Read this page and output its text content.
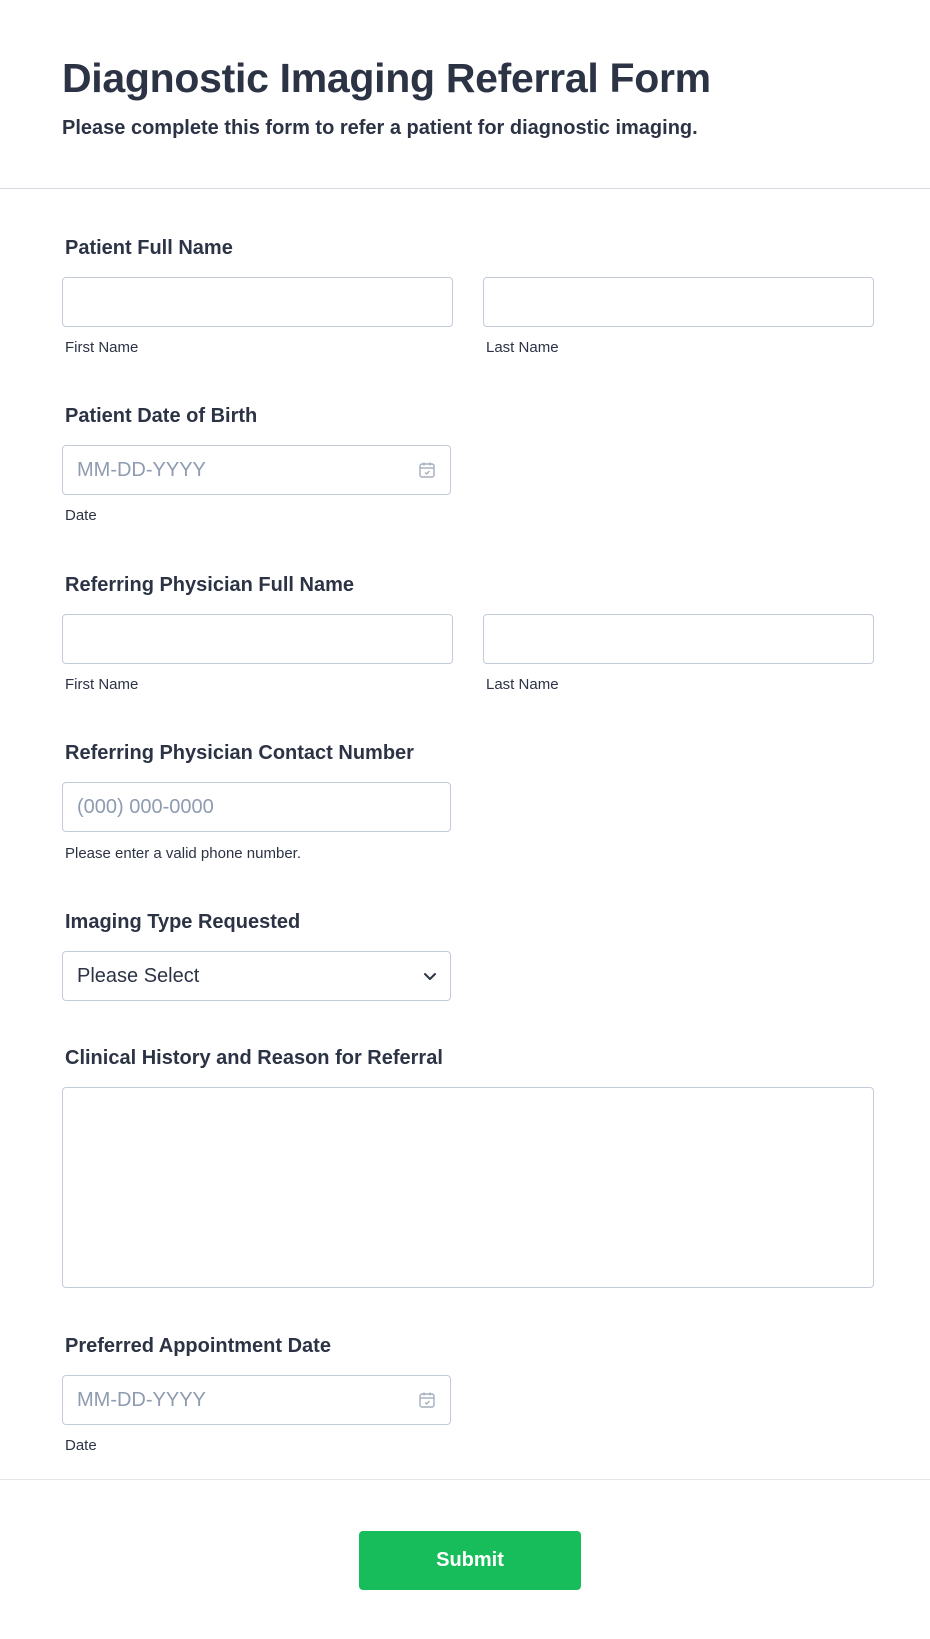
Diagnostic Imaging Referral Form

Please complete this form to refer a patient for diagnostic imaging.

Patient Full Name
First Name	Last Name
Patient Date of Birth
MM-DD-YYYY
Date
Referring Physician Full Name
First Name	Last Name
Referring Physician Contact Number
(000) 000-0000
Please enter a valid phone number.
Imaging Type Requested
Please Select
Clinical History and Reason for Referral
Preferred Appointment Date
MM-DD-YYYY
Date
Submit
